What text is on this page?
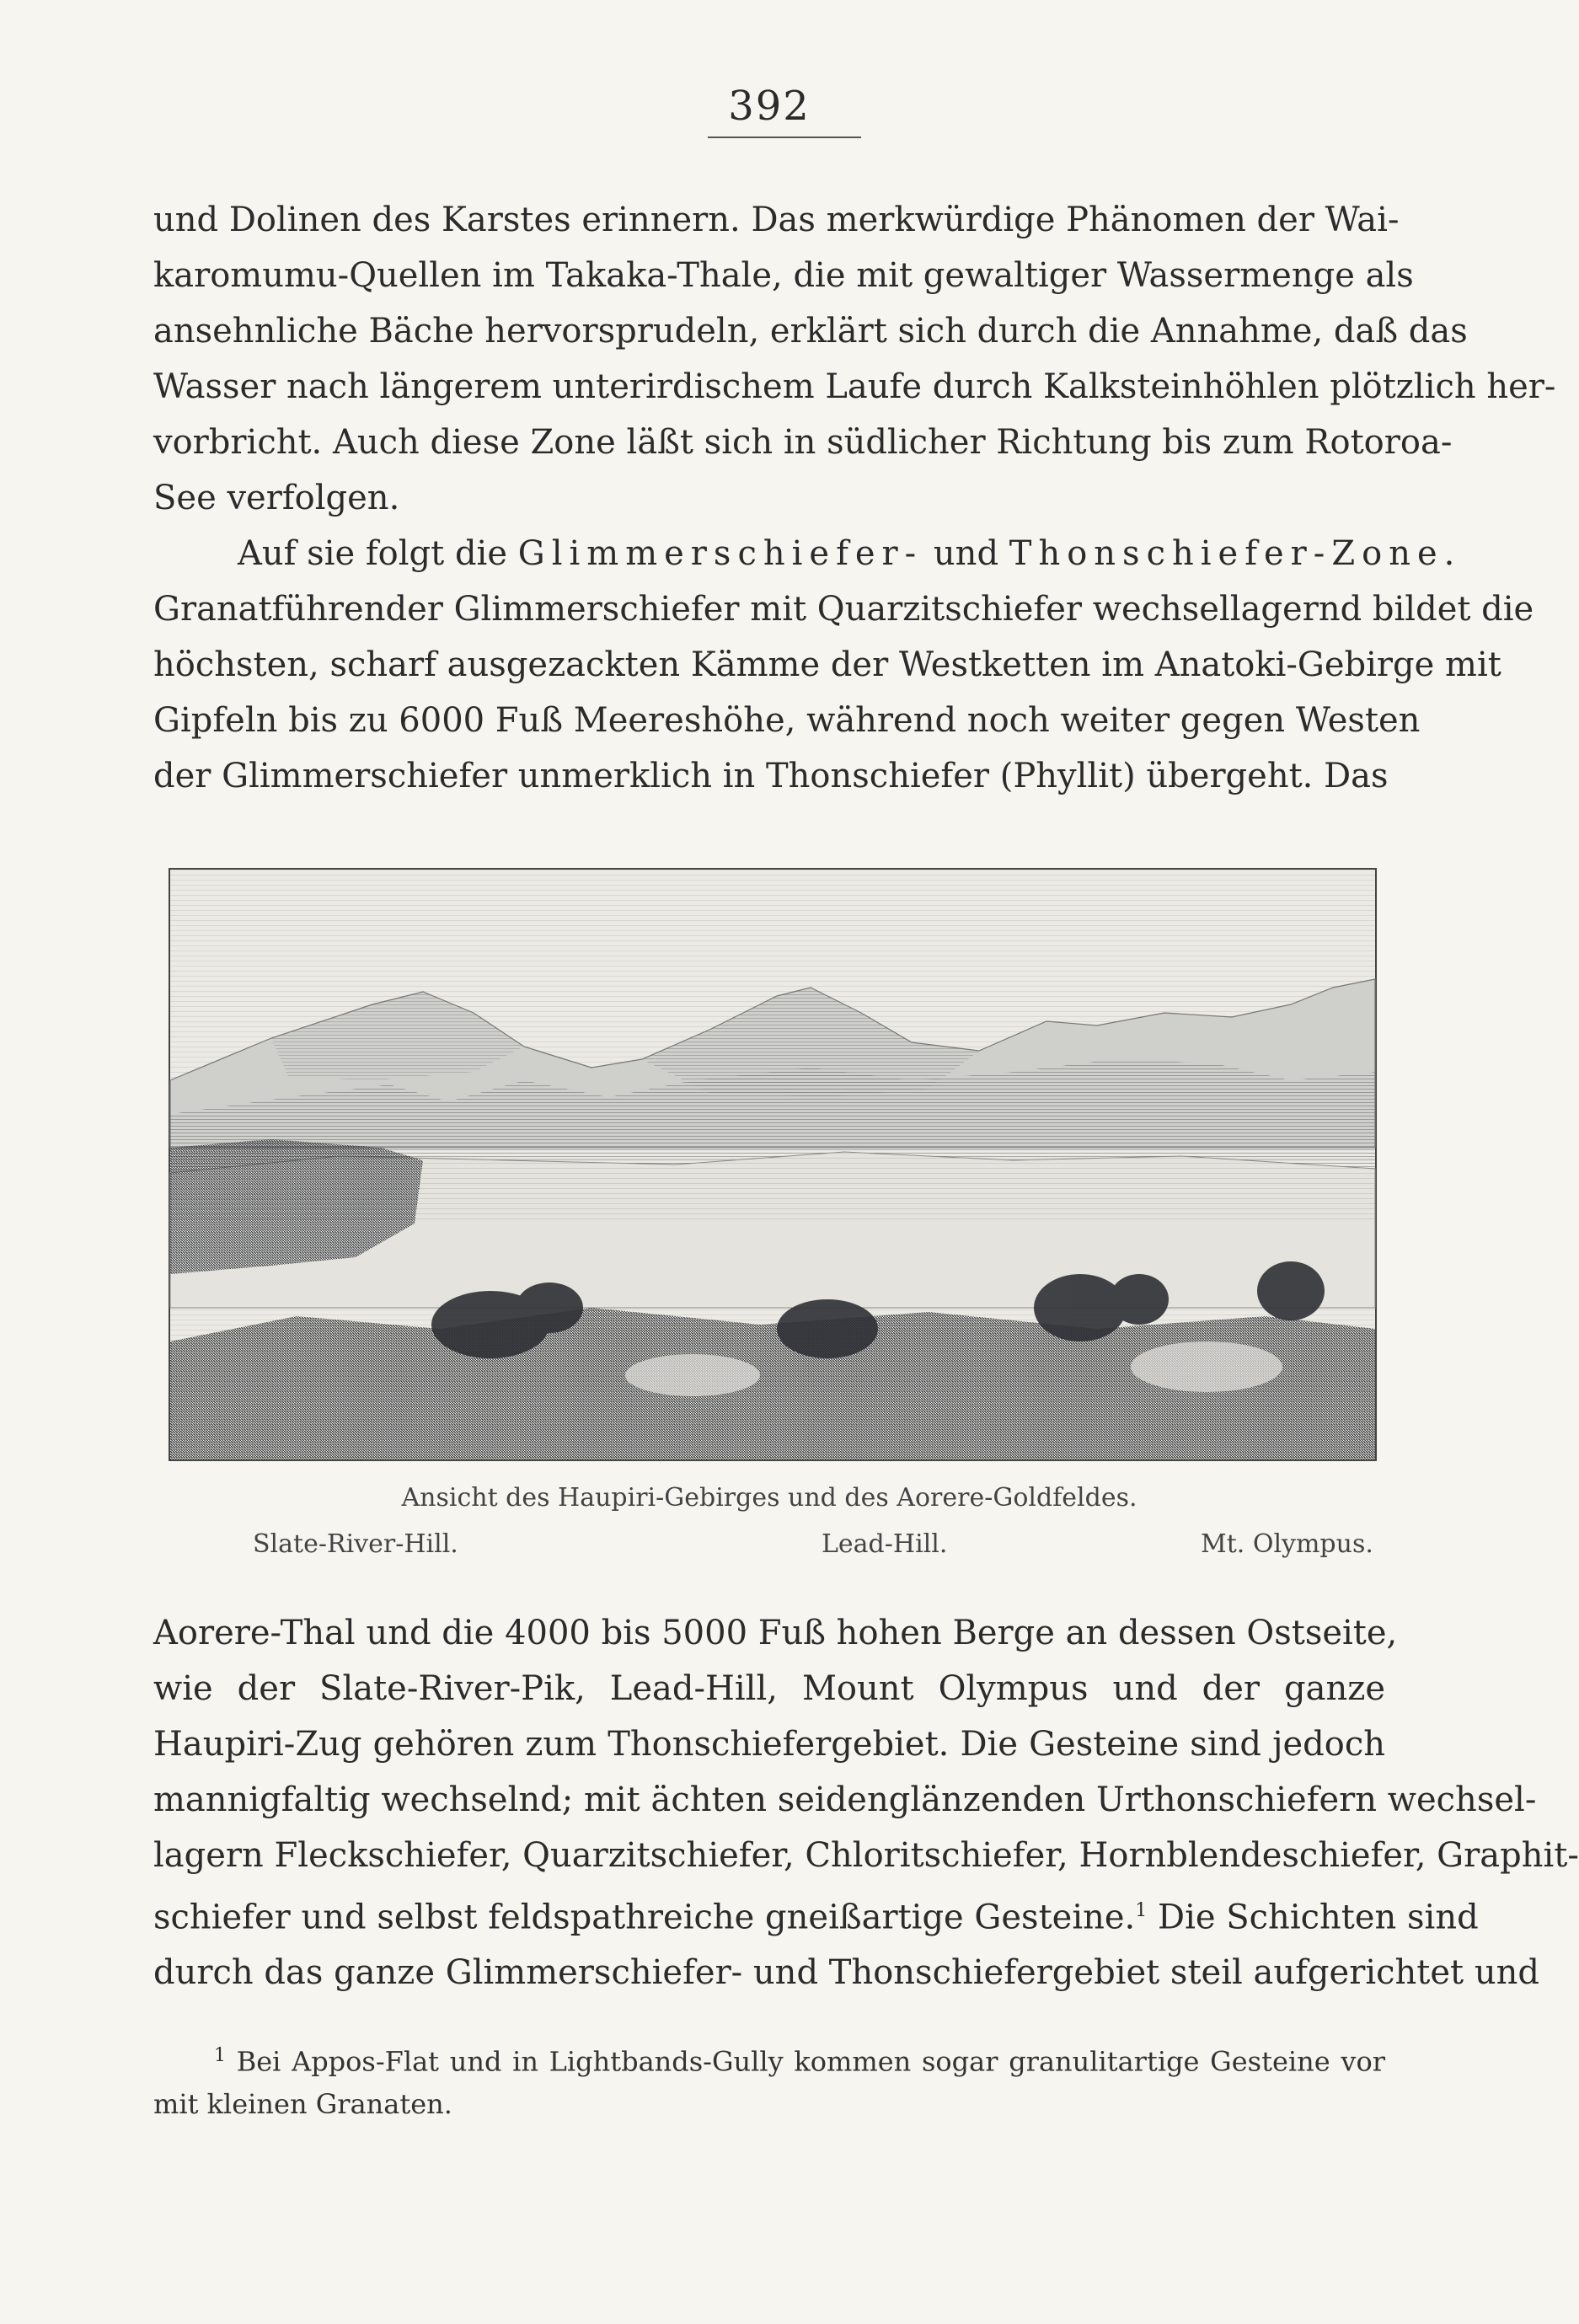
392

und Dolinen des Karstes erinnern. Das merkwürdige Phänomen der Wai-
karomumu-Quellen im Takaka-Thale, die mit gewaltiger Wassermenge als
ansehnliche Bäche hervorsprudeln, erklärt sich durch die Annahme, daß das
Wasser nach längerem unterirdischem Laufe durch Kalksteinhöhlen plötzlich her-
vorbricht. Auch diese Zone läßt sich in südlicher Richtung bis zum Rotoroa-
See verfolgen.

Auf sie folgt die Glimmerschiefer- und Thonschiefer-Zone.
Granatführender Glimmerschiefer mit Quarzitschiefer wechsellagernd bildet die
höchsten, scharf ausgezackten Kämme der Westketten im Anatoki-Gebirge mit
Gipfeln bis zu 6000 Fuß Meereshöhe, während noch weiter gegen Westen
der Glimmerschiefer unmerklich in Thonschiefer (Phyllit) übergeht. Das

Ansicht des Haupiri-Gebirges und des Aorere-Goldfeldes.
Slate-River-Hill.	Lead-Hill.	Mt. Olympus.

Aorere-Thal und die 4000 bis 5000 Fuß hohen Berge an dessen Ostseite,
wie der Slate-River-Pik, Lead-Hill, Mount Olympus und der ganze
Haupiri-Zug gehören zum Thonschiefergebiet. Die Gesteine sind jedoch
mannigfaltig wechselnd; mit ächten seidenglänzenden Urthonschiefern wechsel-
lagern Fleckschiefer, Quarzitschiefer, Chloritschiefer, Hornblendeschiefer, Graphit-
schiefer und selbst feldspathreiche gneißartige Gesteine.$^1$ Die Schichten sind
durch das ganze Glimmerschiefer- und Thonschiefergebiet steil aufgerichtet und

$^1$ Bei Appos-Flat und in Lightbands-Gully kommen sogar granulitartige Gesteine vor
mit kleinen Granaten.
